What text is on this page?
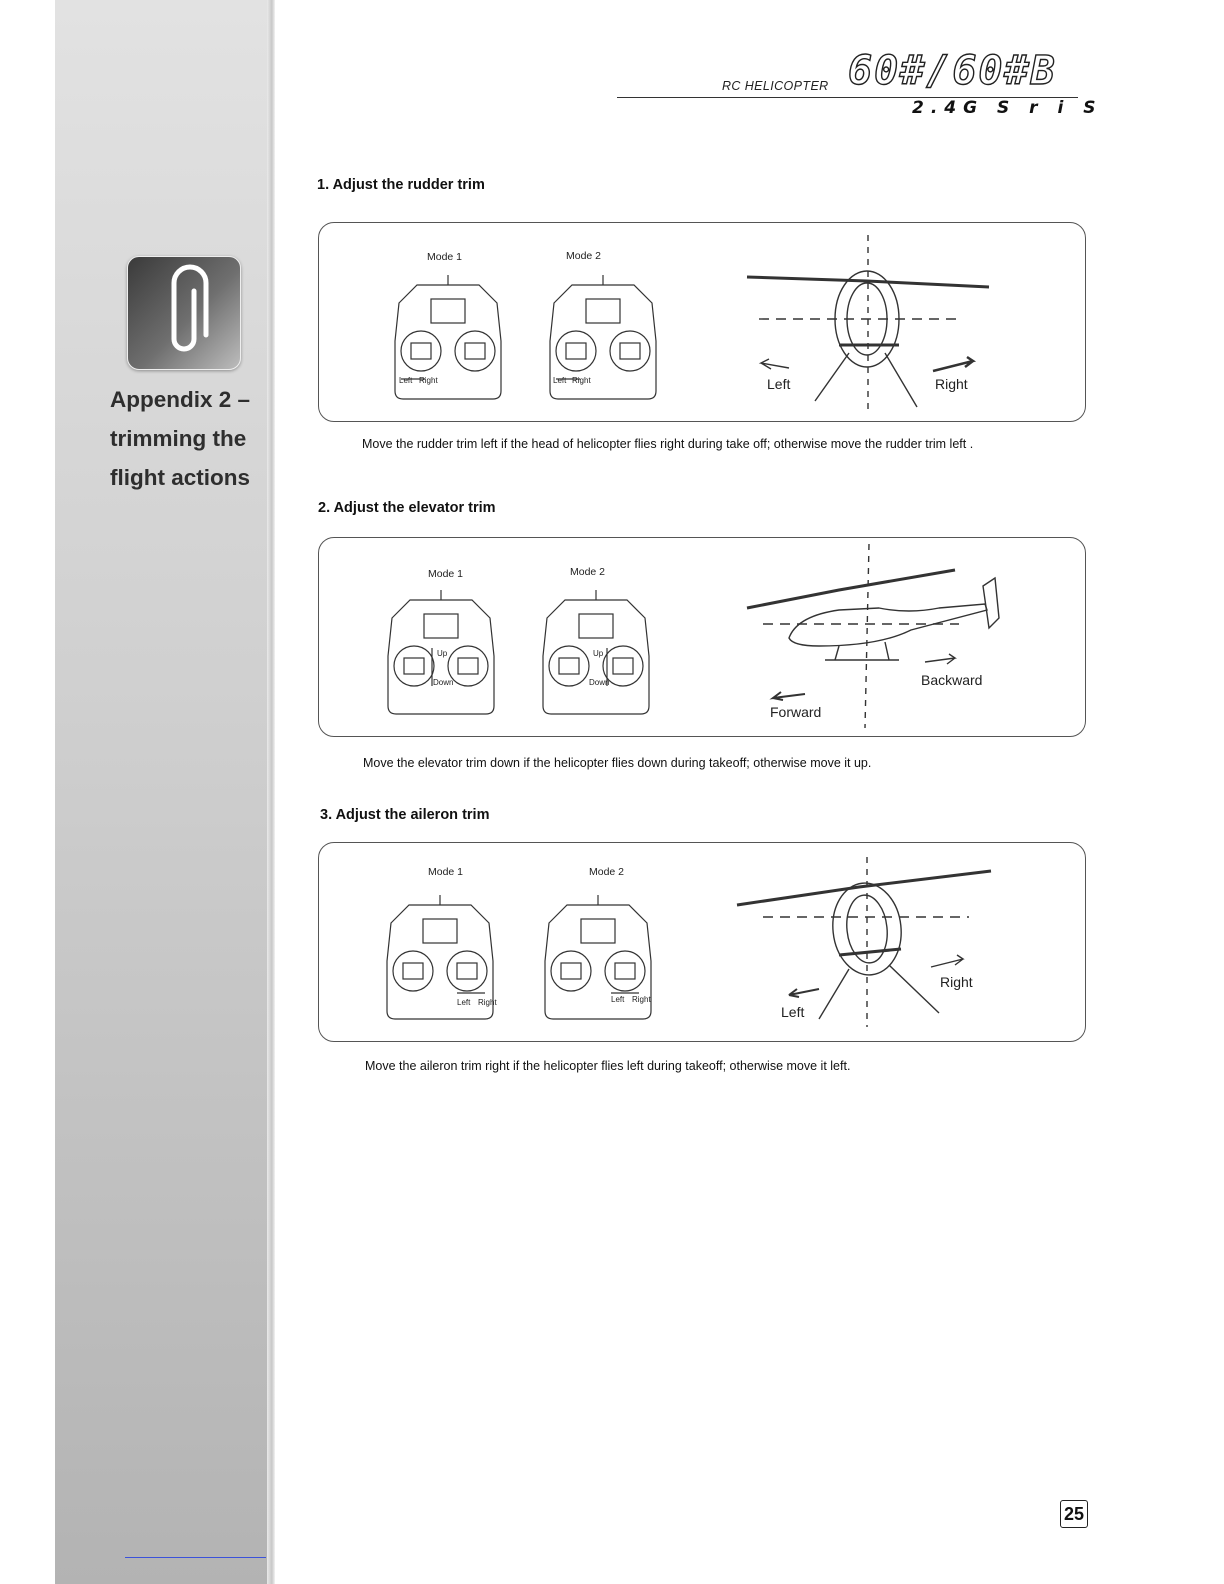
Appendix 2 –
trimming the
flight actions
RC HELICOPTER 60#/60#B
2.4G S r i S
1. Adjust the rudder trim
Mode 1	Mode 2
Left Right	Left Right	Left	Right
Move the rudder trim left if the head of helicopter flies right during take off; otherwise move the rudder trim left .
2. Adjust the elevator trim
Mode 1	Mode 2
Up
Down
Up
Down	Backward
Forward
Move the elevator trim down if the helicopter flies down during takeoff; otherwise move it up.
3. Adjust the aileron trim
Mode 1	Mode 2
Left Right	Left Right
Right
Left
Move the aileron trim right if the helicopter flies left during takeoff; otherwise move it left.
25
